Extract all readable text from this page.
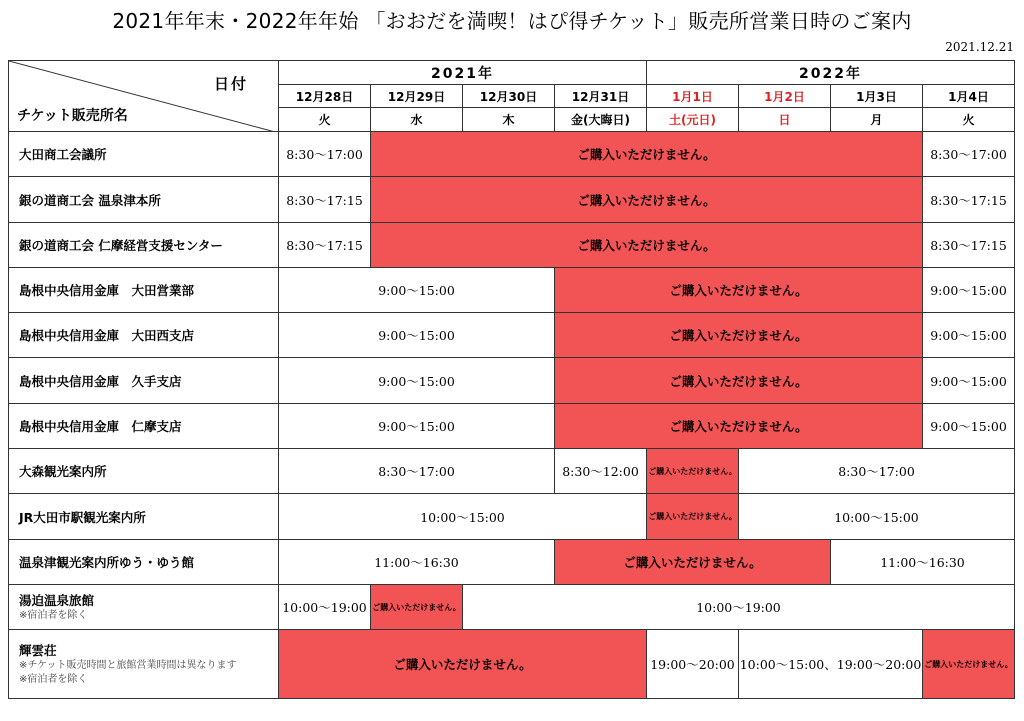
2021年年末・2022年年始 「おおだを満喫！はぴ得チケット」販売所営業日時のご案内
2021.12.21
日付
チケット販売所名	2021年				2022年			
	12月28日	12月29日	12月30日	12月31日	1月1日	1月2日	1月3日	1月4日
	火	水	木	金(大晦日)	土(元日)	日	月	火
大田商工会議所	8:30〜17:00	ご購入いただけません。						8:30〜17:00
銀の道商工会 温泉津本所	8:30〜17:15	ご購入いただけません。						8:30〜17:15
銀の道商工会 仁摩経営支援センター	8:30〜17:15	ご購入いただけません。						8:30〜17:15
島根中央信用金庫　大田営業部	9:00〜15:00			ご購入いただけません。				9:00〜15:00
島根中央信用金庫　大田西支店	9:00〜15:00			ご購入いただけません。				9:00〜15:00
島根中央信用金庫　久手支店	9:00〜15:00			ご購入いただけません。				9:00〜15:00
島根中央信用金庫　仁摩支店	9:00〜15:00			ご購入いただけません。				9:00〜15:00
大森観光案内所	8:30〜17:00			8:30〜12:00	ご購入いただけません。	8:30〜17:00		
JR大田市駅観光案内所	10:00〜15:00				ご購入いただけません。	10:00〜15:00		
温泉津観光案内所ゆう・ゆう館	11:00〜16:30			ご購入いただけません。			11:00〜16:30	
湯迫温泉旅館
※宿泊者を除く	10:00〜19:00	ご購入いただけません。	10:00〜19:00					
輝雲荘
※チケット販売時間と旅館営業時間は異なります
※宿泊者を除く	ご購入いただけません。				19:00〜20:00	10:00〜15:00、19:00〜20:00		ご購入いただけません。
